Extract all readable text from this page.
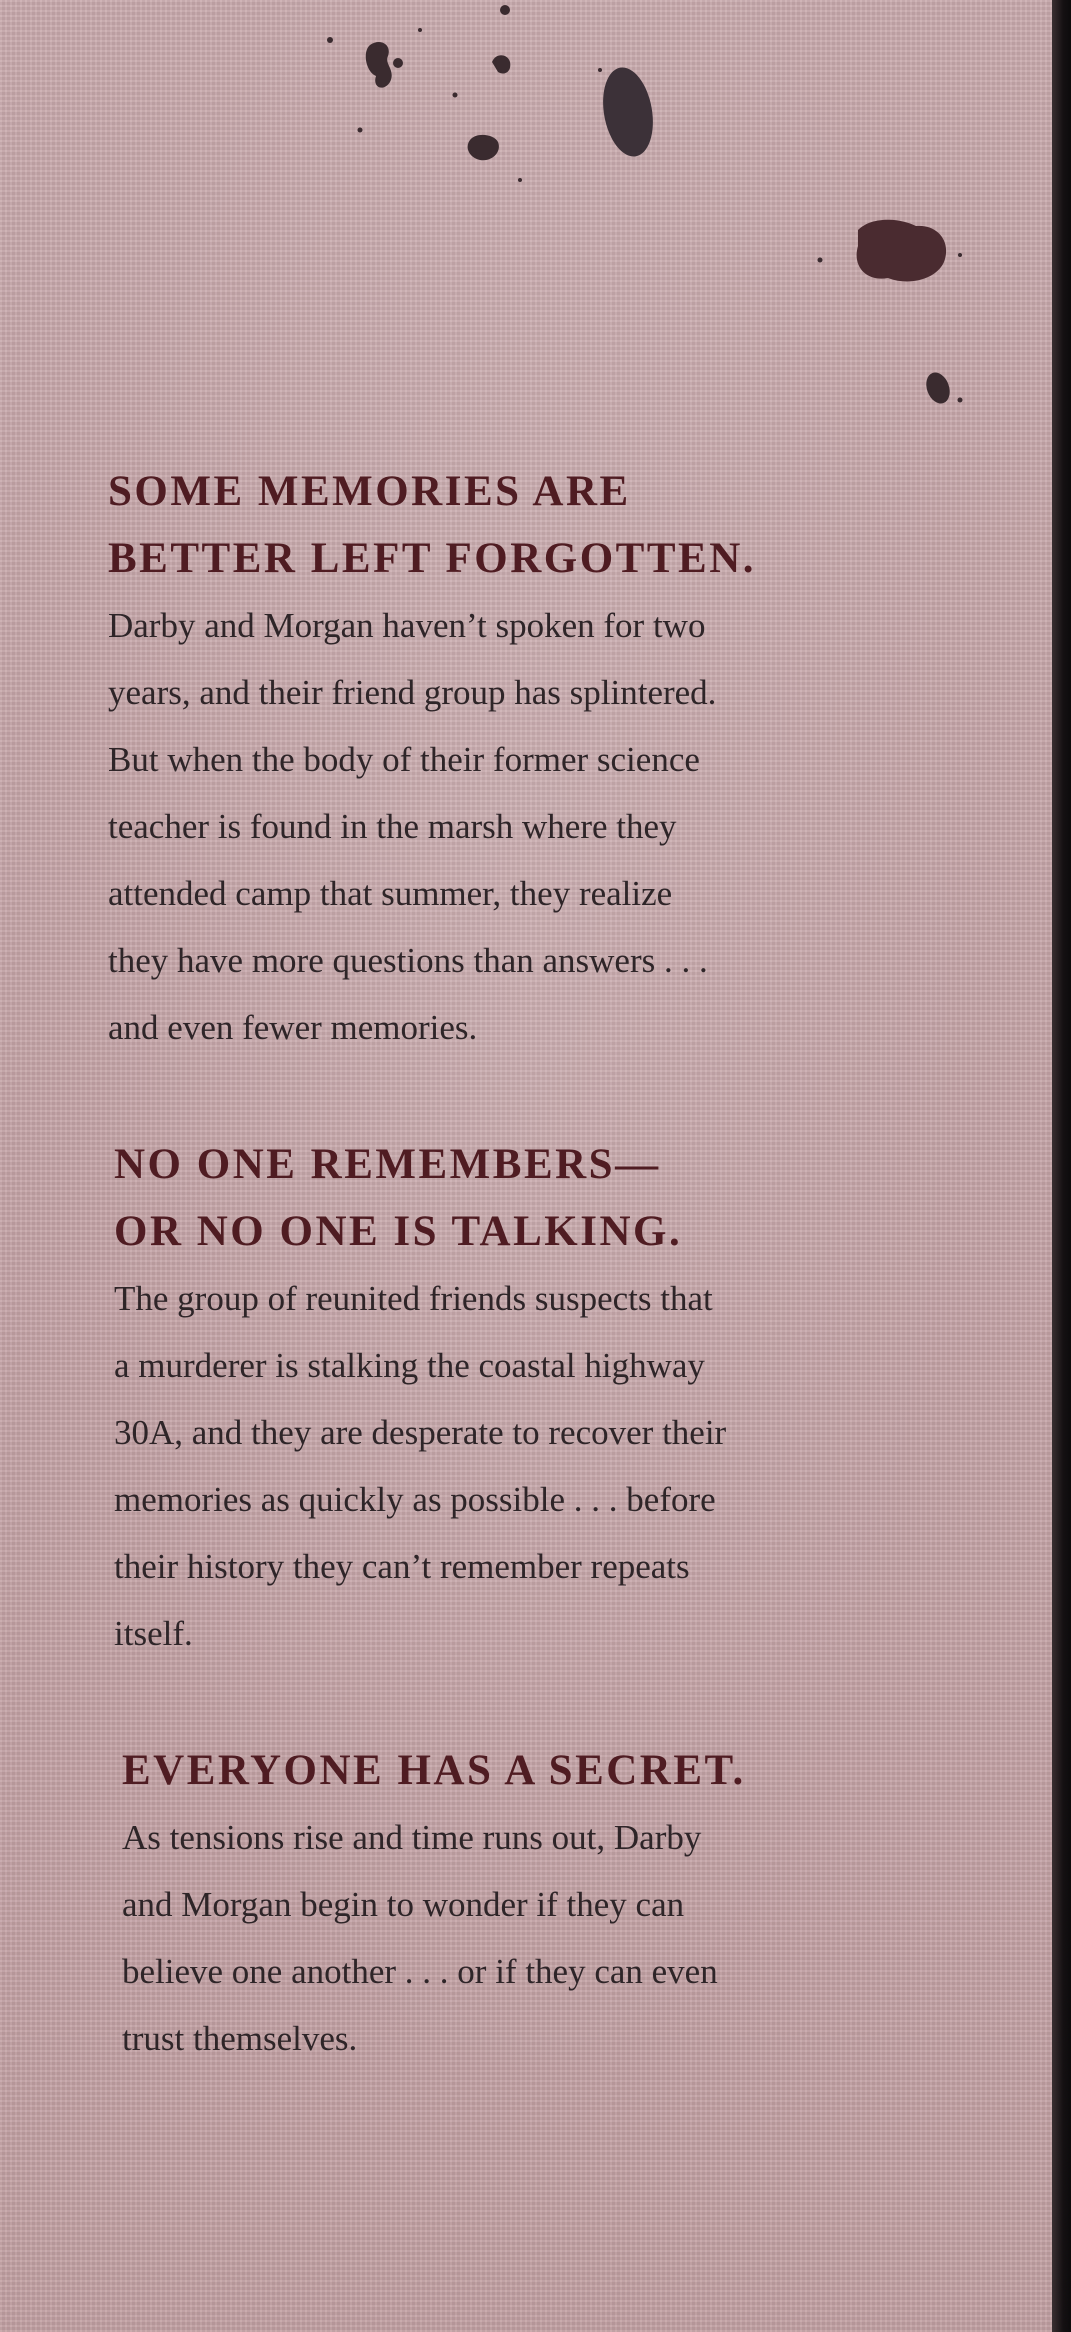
SOME MEMORIES ARE
BETTER LEFT FORGOTTEN.
Darby and Morgan haven’t spoken for two
years, and their friend group has splintered.
But when the body of their former science
teacher is found in the marsh where they
attended camp that summer, they realize
they have more questions than answers . . .
and even fewer memories.
NO ONE REMEMBERS—
OR NO ONE IS TALKING.
The group of reunited friends suspects that
a murderer is stalking the coastal highway
30A, and they are desperate to recover their
memories as quickly as possible . . . before
their history they can’t remember repeats
itself.
EVERYONE HAS A SECRET.
As tensions rise and time runs out, Darby
and Morgan begin to wonder if they can
believe one another . . . or if they can even
trust themselves.
